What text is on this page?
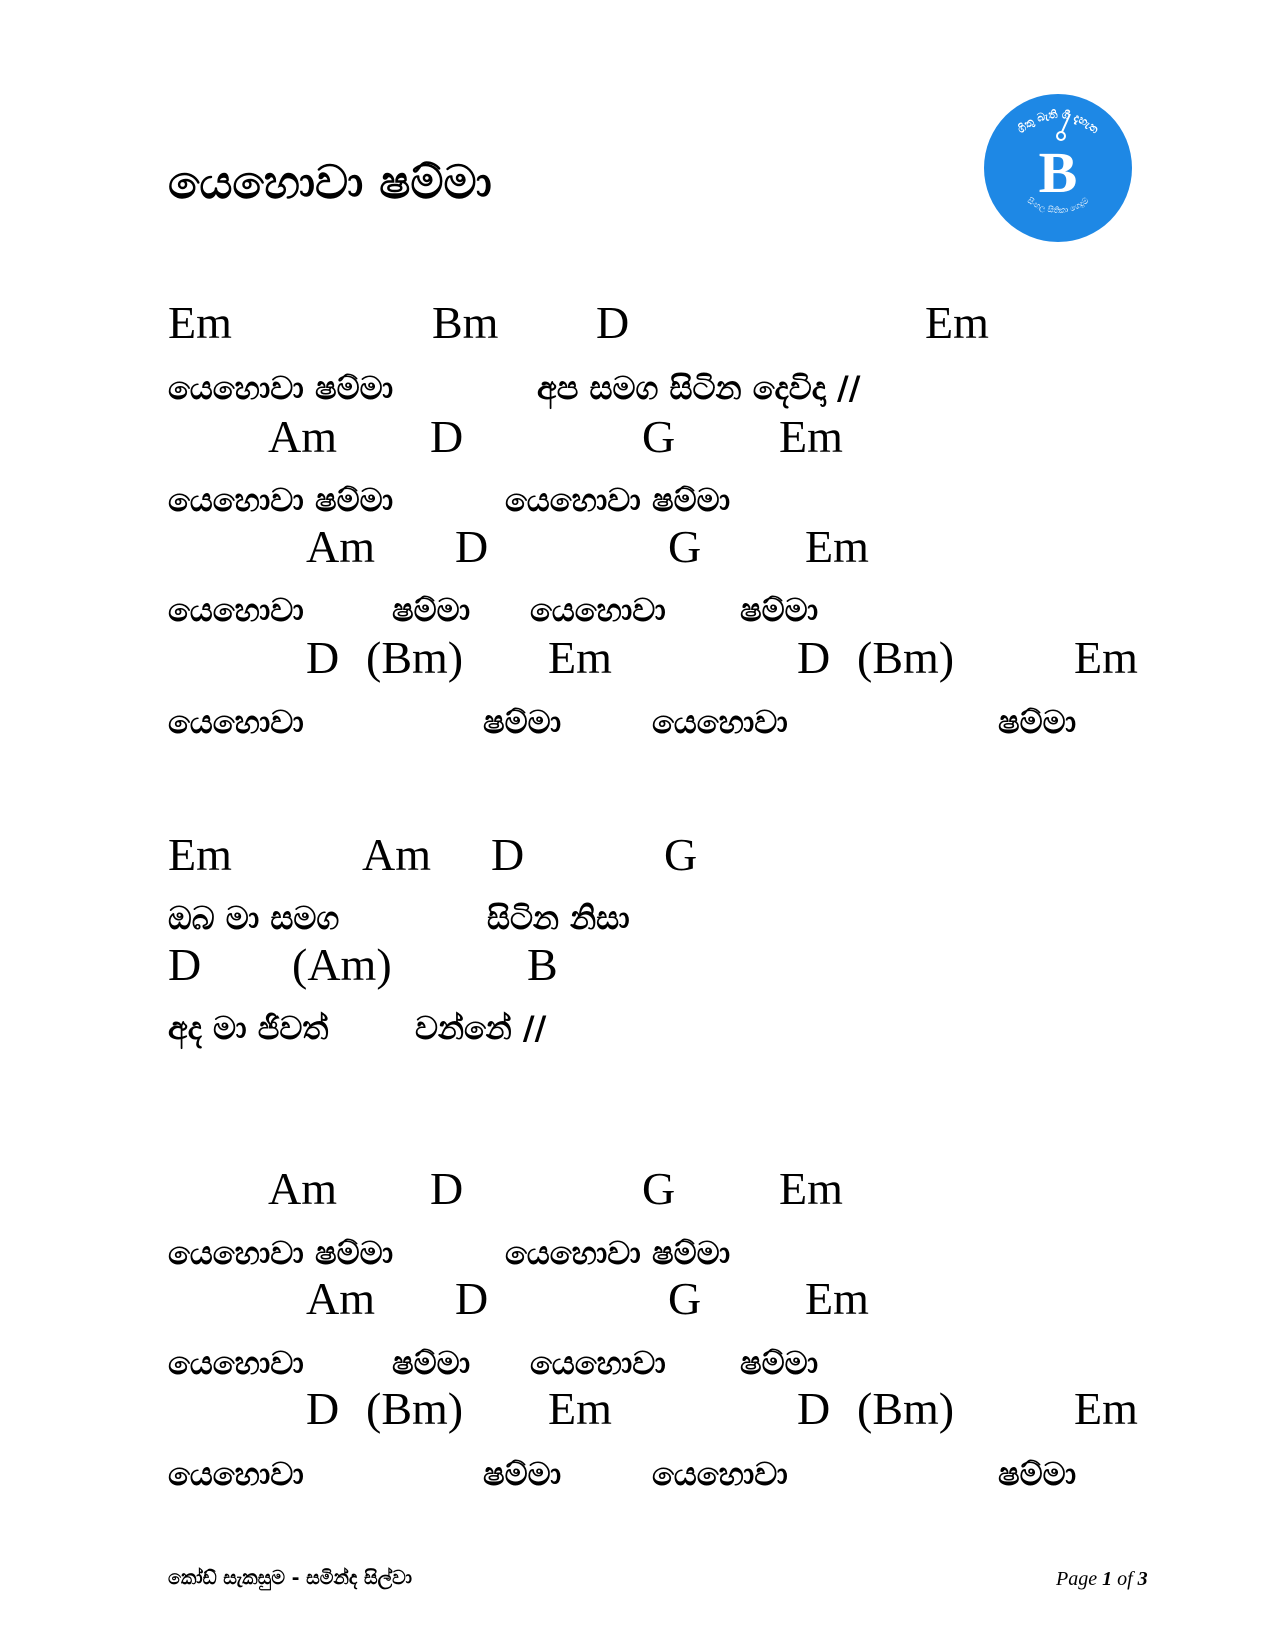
යෙහොවා ෂම්මා
ගිතු බැති ගී දැහැත
සිංහල සිතිකා ගෙදුම්
B
Em	Bm D	Em
යෙහොවා ෂම්මා	අප සමග සිටින දෙවිදා //
Am D	G Em
යෙහොවා ෂම්මා	යෙහොවා ෂම්මා
Am D	G Em
යෙහොවා	ෂම්මා යෙහොවා ෂම්මා
D (Bm) Em	D (Bm)	Em
යෙහොවා	ෂම්මා	යෙහොවා	ෂම්මා
Em	Am D	G
ඔබ මා සමග	සිටින නිසා
D (Am)	B
අද මා ජිවත්	වන්නේ //
Am D	G Em
යෙහොවා ෂම්මා	යෙහොවා ෂම්මා
Am D	G Em
යෙහොවා	ෂම්මා යෙහොවා ෂම්මා
D (Bm) Em	D (Bm)	Em
යෙහොවා	ෂම්මා	යෙහොවා	ෂම්මා
කෝඩ් සැකසුම - සමින්ද සිල්වා	Page 1 of 3
